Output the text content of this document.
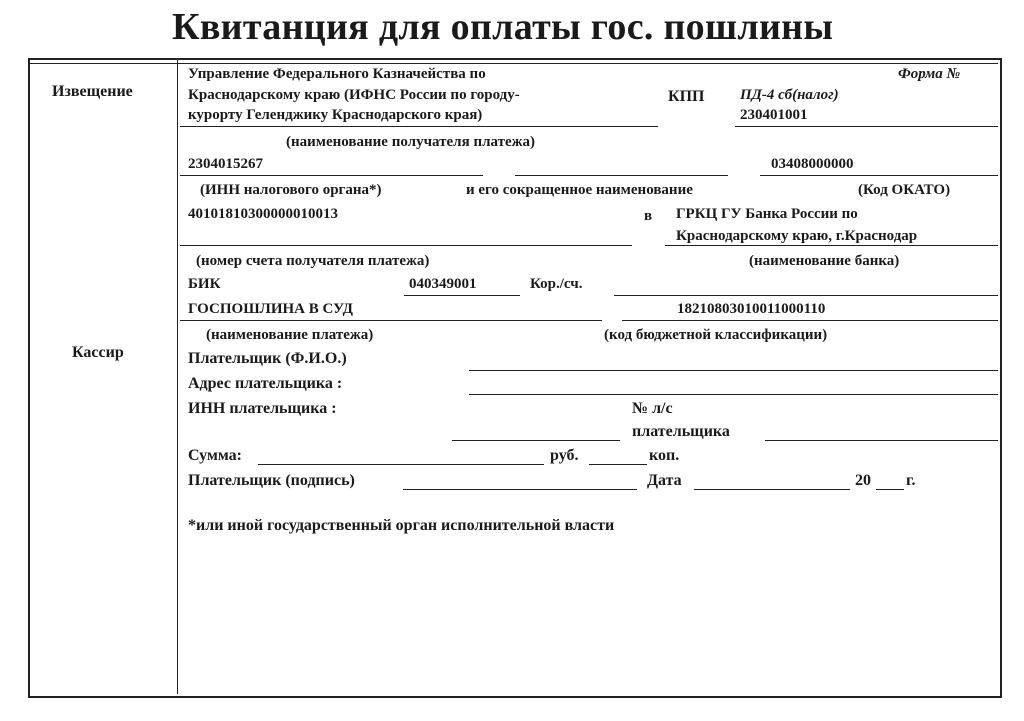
Квитанция для оплаты гос. пошлины
Извещение
Кассир
Управление Федерального Казначейства по
Краснодарскому краю (ИФНС России по городу-
курорту Геленджику Краснодарского края)
(наименование получателя платежа)
Форма №
КПП ПД-4 сб(налог)
230401001
2304015267	03408000000
(ИНН налогового органа*)	и его сокращенное наименование	(Код ОКАТО)
40101810300000010013	в ГРКЦ ГУ Банка России по
Краснодарскому краю, г.Краснодар
(номер счета получателя платежа)	(наименование банка)
БИК	040349001	Кор./сч.
ГОСПОШЛИНА В СУД	18210803010011000110
(наименование платежа)	(код бюджетной классификации)
Плательщик (Ф.И.О.)
Адрес плательщика :
ИНН плательщика :	№ л/с
плательщика
Сумма:	руб.	коп.
Плательщик (подпись)	Дата	20 г.
*или иной государственный орган исполнительной власти
